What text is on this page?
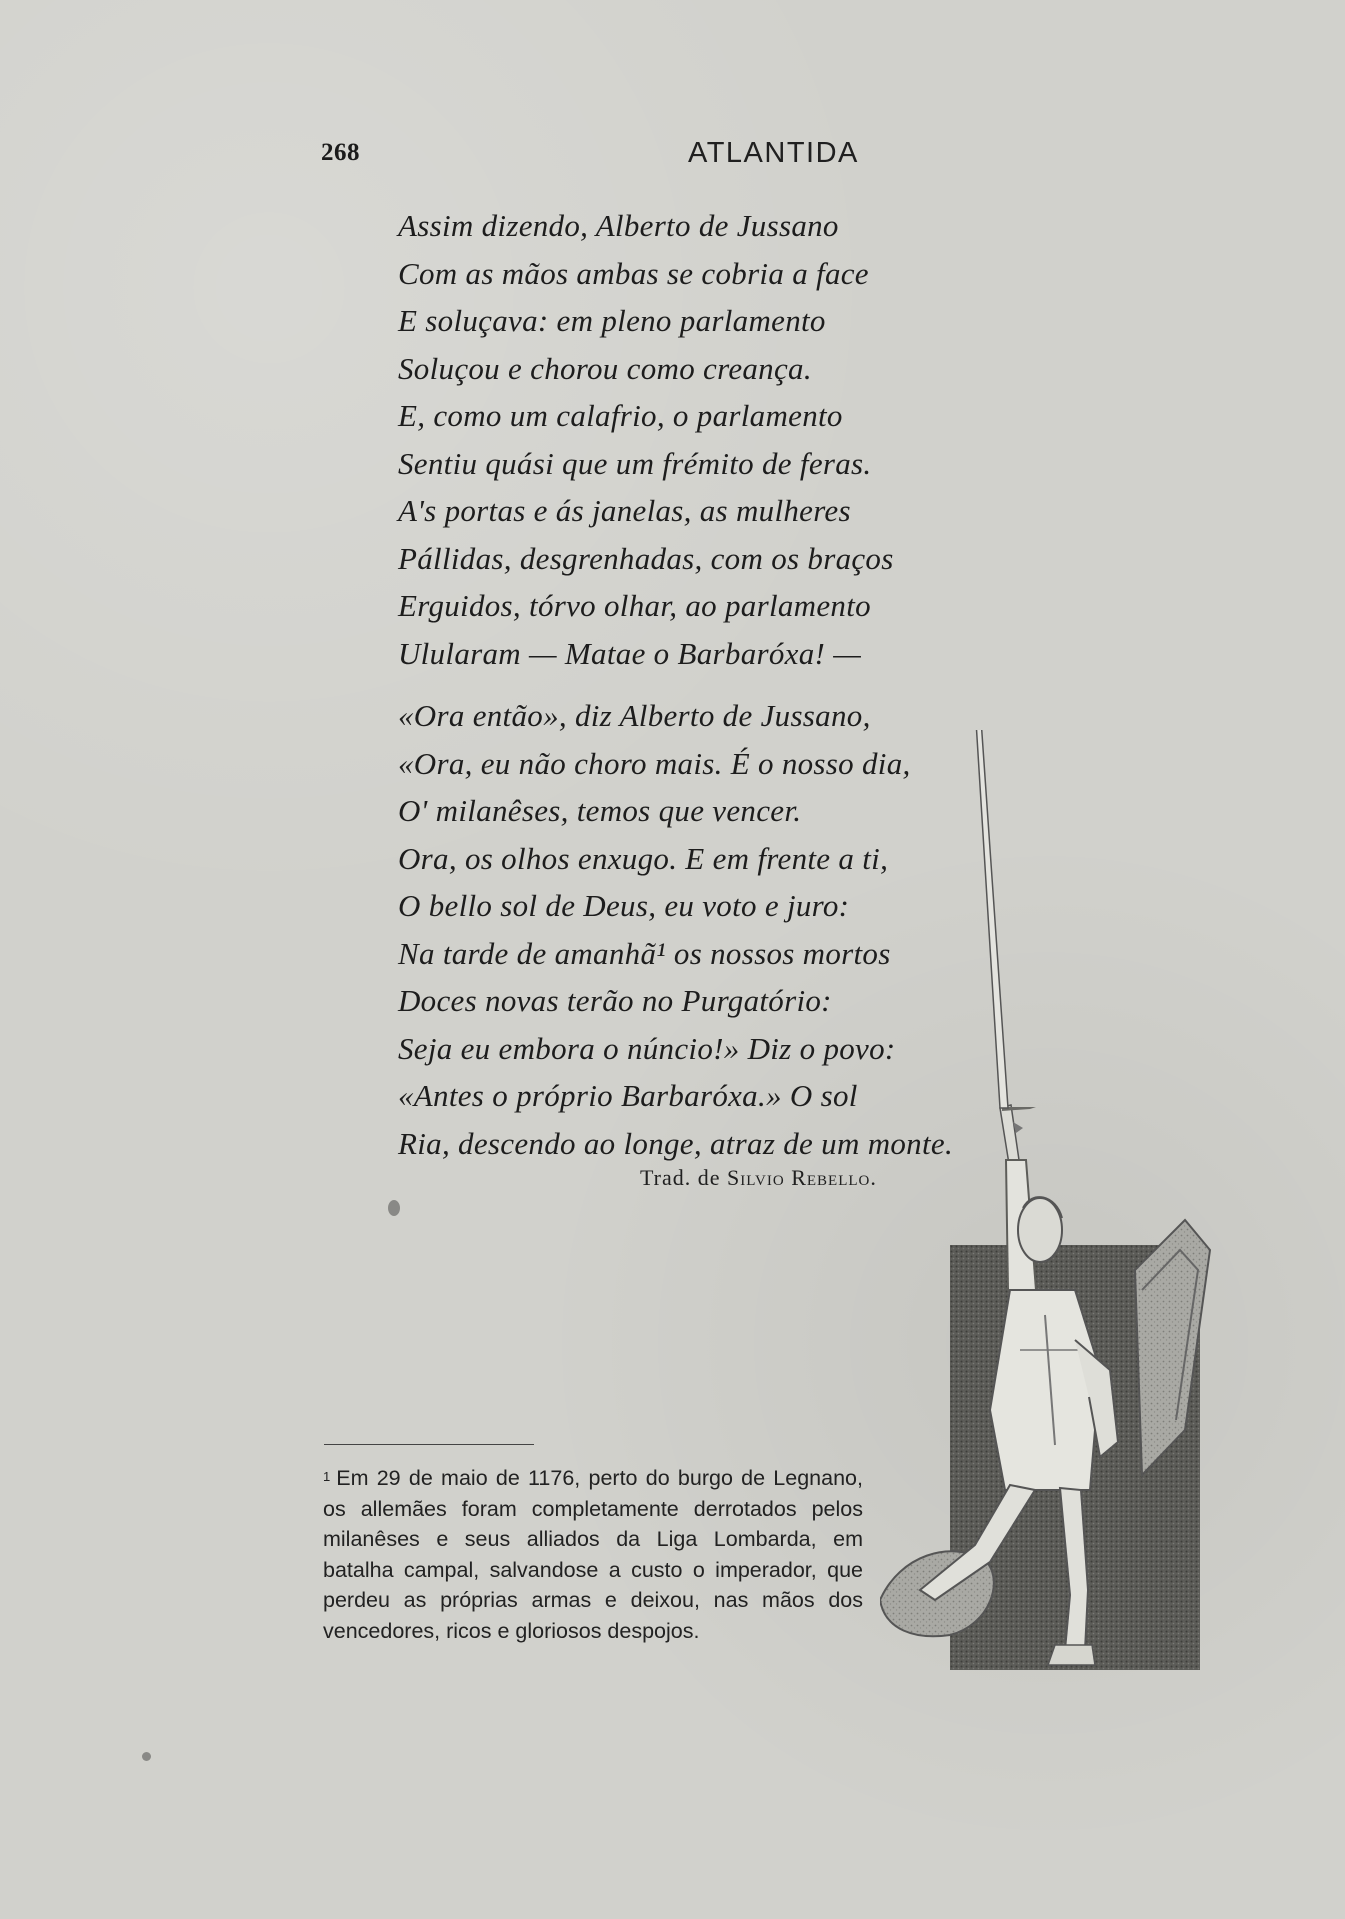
268	ATLANTIDA
Assim dizendo, Alberto de Jussano
Com as mãos ambas se cobria a face
E soluçava: em pleno parlamento
Soluçou e chorou como creança.
E, como um calafrio, o parlamento
Sentiu quási que um frémito de feras.
A's portas e ás janelas, as mulheres
Pállidas, desgrenhadas, com os braços
Erguidos, tórvo olhar, ao parlamento
Ulularam — Matae o Barbaróxa! —
«Ora então», diz Alberto de Jussano,
«Ora, eu não choro mais. É o nosso dia,
O' milanêses, temos que vencer.
Ora, os olhos enxugo. E em frente a ti,
O bello sol de Deus, eu voto e juro:
Na tarde de amanhã¹ os nossos mortos
Doces novas terão no Purgatório:
Seja eu embora o núncio!» Diz o povo:
«Antes o próprio Barbaróxa.» O sol
Ria, descendo ao longe, atraz de um monte.
Trad. de Silvio Rebello.
$^1$ Em 29 de maio de 1176, perto do burgo de Legnano, os allemães foram completamente derrotados pelos milanêses e seus alliados da Liga Lombarda, em batalha campal, salvandose a custo o imperador, que perdeu as próprias armas e deixou, nas mãos dos vencedores, ricos e gloriosos despojos.
